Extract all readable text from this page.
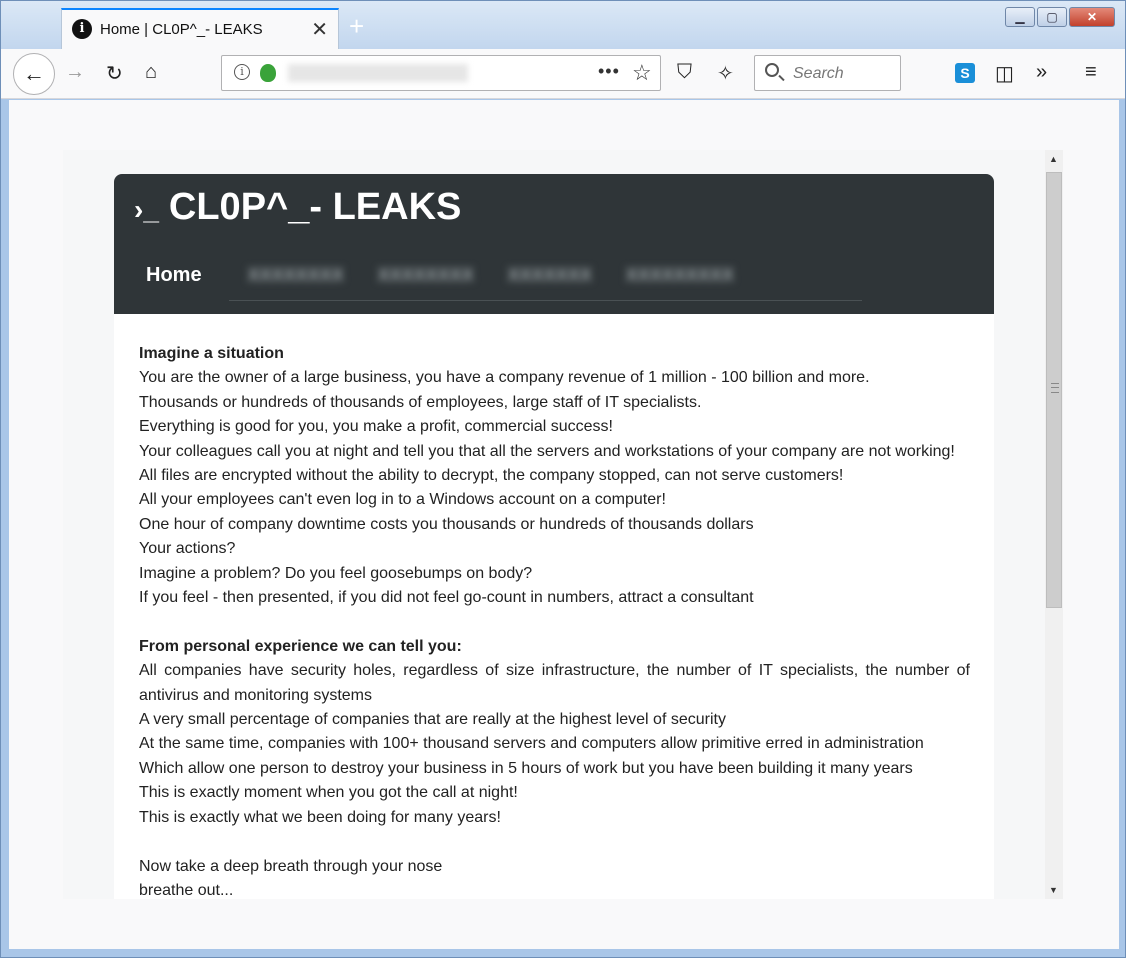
i	Home | CL0P^_- LEAKS ✕ +	▁	▢	✕
←	→ ↻ ⌂	i	••• ☆ ⛉ ✧	Search	S ◫ » ≡
›_ CL0P^_- LEAKS
Home	XXXXXXXX XXXXXXXX XXXXXXX XXXXXXXXX

Imagine a situation

You are the owner of a large business, you have a company revenue of 1 million - 100 billion and more.

Thousands or hundreds of thousands of employees, large staff of IT specialists.

Everything is good for you, you make a profit, commercial success!

Your colleagues call you at night and tell you that all the servers and workstations of your company are not working!

All files are encrypted without the ability to decrypt, the company stopped, can not serve customers!

All your employees can't even log in to a Windows account on a computer!

One hour of company downtime costs you thousands or hundreds of thousands dollars

Your actions?

Imagine a problem? Do you feel goosebumps on body?

If you feel - then presented, if you did not feel go-count in numbers, attract a consultant

From personal experience we can tell you:

All companies have security holes, regardless of size infrastructure, the number of IT specialists, the number of antivirus and monitoring systems

A very small percentage of companies that are really at the highest level of security

At the same time, companies with 100+ thousand servers and computers allow primitive erred in administration

Which allow one person to destroy your business in 5 hours of work but you have been building it many years

This is exactly moment when you got the call at night!

This is exactly what we been doing for many years!

Now take a deep breath through your nose

breathe out...

▲
▼
